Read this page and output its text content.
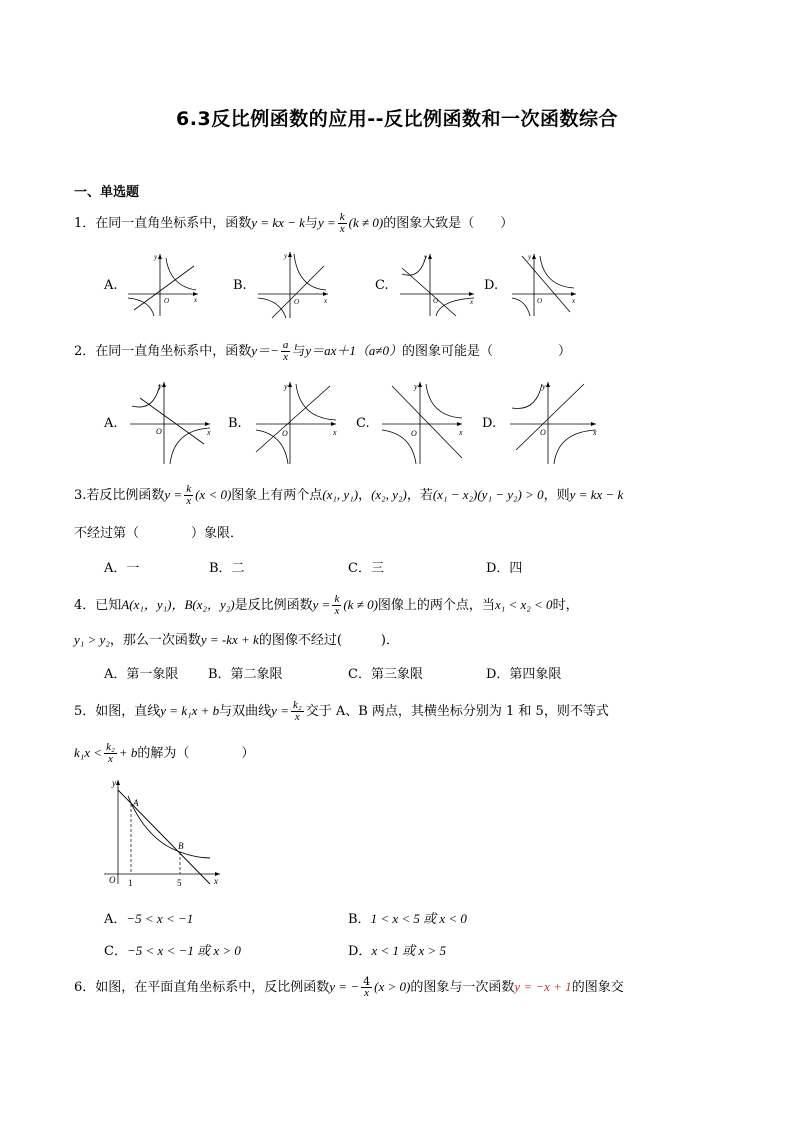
6.3反比例函数的应用--反比例函数和一次函数综合
一、单选题
1．在同一直角坐标系中，函数y = kx − k与$y = \frac{k}{x} (k \ne 0)$的图象大致是（　　）
A.	B.	C.	D.
O
y
x	O
y
x	O
y
x	O
y
x
2．在同一直角坐标系中，函数$y=- \frac{a}{x}$ 与y＝ax＋1（a≠0）的图象可能是（　　　　　）
A.	B.	C.	D.
O
y
x	O
y
x	O
y
x	O
y
x
3.若反比例函数$y = \frac{k}{x} (x < 0)$图象上有两个点(x₁, y₁)，(x₂, y₂)，若(x₁ − x₂)(y₁ − y₂) > 0，则y = kx − k
不经过第（　　　　）象限．
A．一	B．二	C．三	D．四
4．已知A(x₁，y₁)，B(x₂，y₂)是反比例函数$y = \frac{k}{x} (k \ne 0)$图像上的两个点，当x₁ < x₂ < 0时，
y₁ > y₂，那么一次函数y = -kx + k的图像不经过(　　　)．
A．第一象限 B．第二象限	C．第三象限	D．第四象限
5．如图，直线y = k₁x + b与双曲线$y = \frac{\text{k₂}}{x}$ 交于 A、B 两点，其横坐标分别为 1 和 5，则不等式
$k_1x < \frac{\text{k₂}}{x} + b$的解为（　　　　）
A
B
O 1	5
y
x
A．−5 < x < −1	B．1 < x < 5 或 x < 0
C．−5 < x < −1 或 x > 0	D．x < 1 或 x > 5
6．如图，在平面直角坐标系中，反比例函数y = − $\frac{4}{x} (x > 0)$的图象与一次函数y = −x + 1的图象交
